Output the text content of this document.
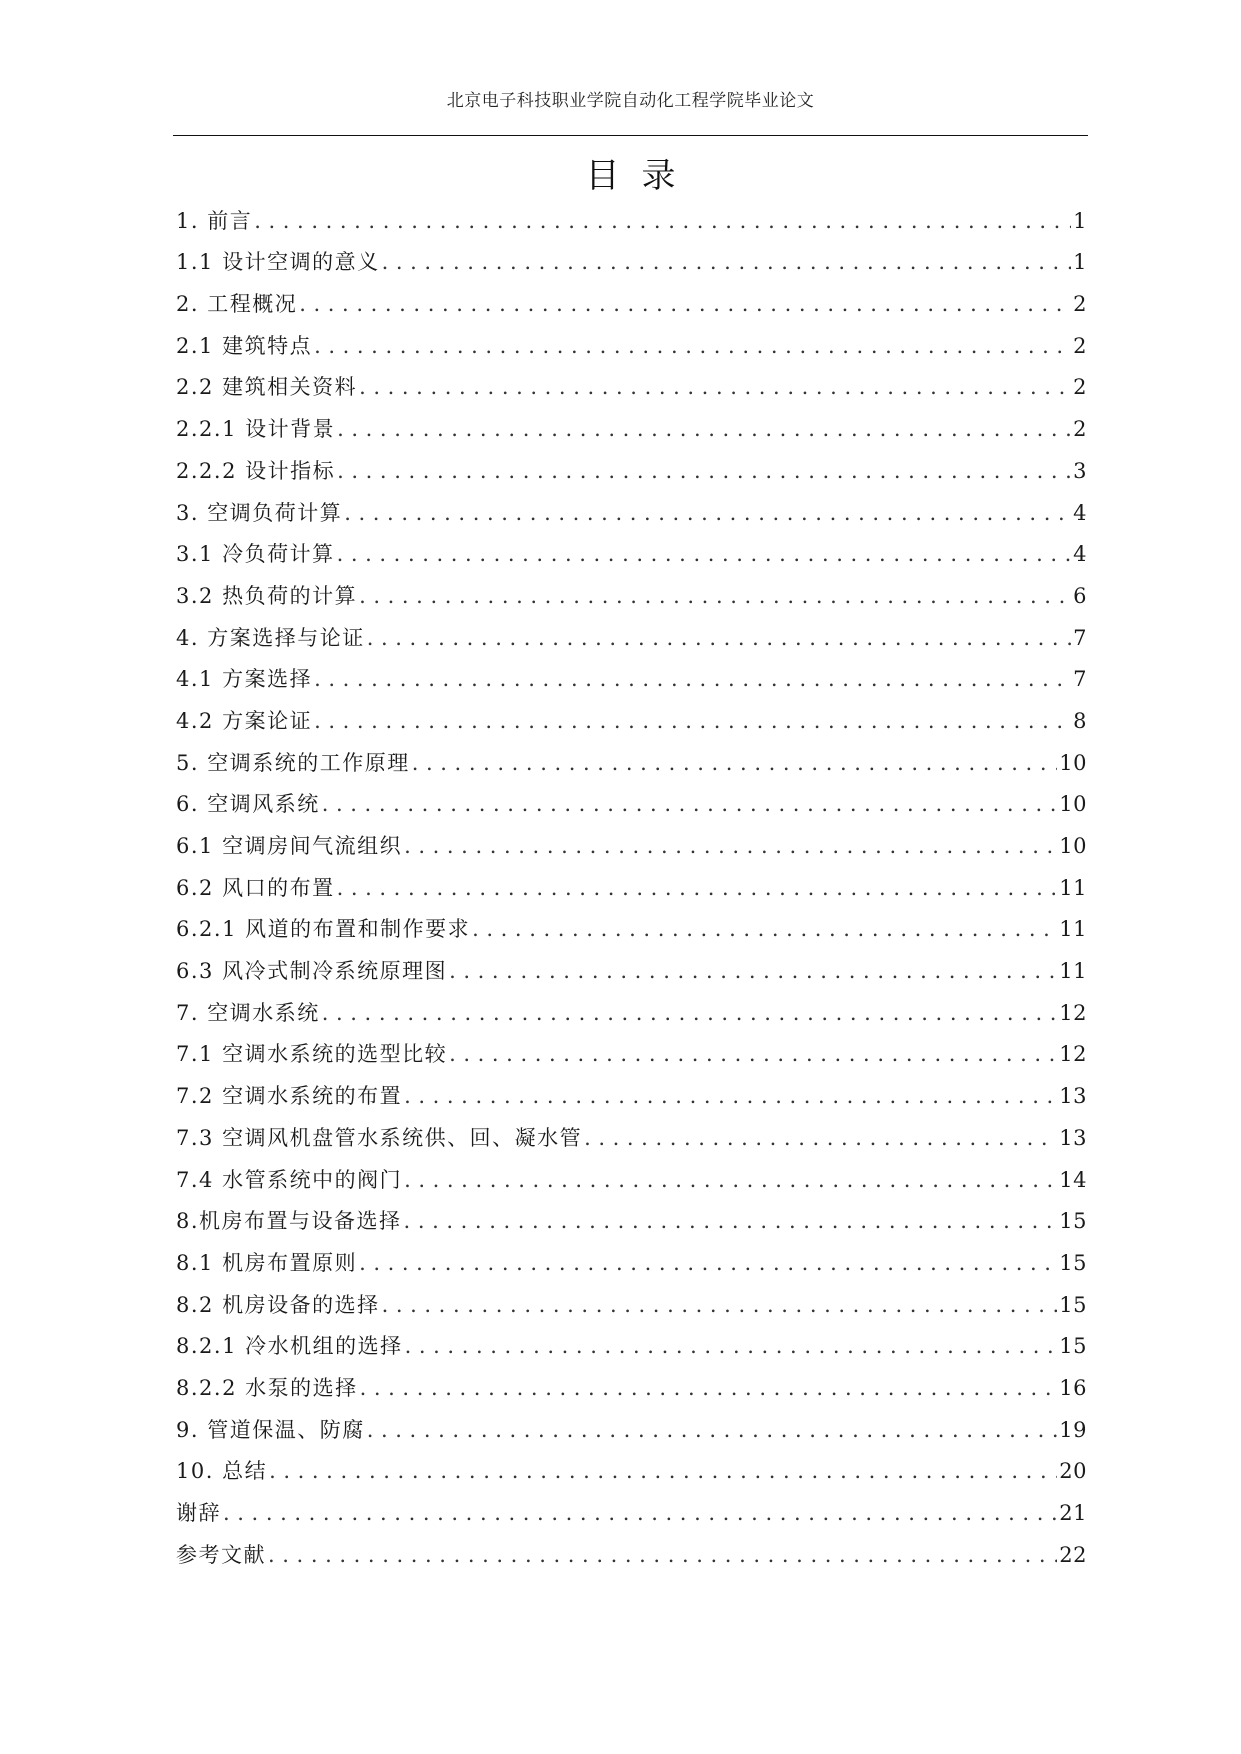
北京电子科技职业学院自动化工程学院毕业论文
目录
1. 前言 .....	1
1.1 设计空调的意义 .....	1
2. 工程概况 .....	2
2.1 建筑特点 .....	2
2.2 建筑相关资料 .....	2
2.2.1 设计背景 .....	2
2.2.2 设计指标 .....	3
3. 空调负荷计算 .....	4
3.1 冷负荷计算 .....	4
3.2 热负荷的计算 .....	6
4. 方案选择与论证 .....	7
4.1 方案选择 .....	7
4.2 方案论证 .....	8
5. 空调系统的工作原理 .....	10
6. 空调风系统 .....	10
6.1 空调房间气流组织 .....	10
6.2 风口的布置 .....	11
6.2.1 风道的布置和制作要求 .....	11
6.3 风冷式制冷系统原理图 .....	11
7. 空调水系统 .....	12
7.1 空调水系统的选型比较 .....	12
7.2 空调水系统的布置 .....	13
7.3 空调风机盘管水系统供、回、凝水管 .....	13
7.4 水管系统中的阀门 .....	14
8.机房布置与设备选择 .....	15
8.1 机房布置原则 .....	15
8.2 机房设备的选择 .....	15
8.2.1 冷水机组的选择 .....	15
8.2.2 水泵的选择 .....	16
9. 管道保温、防腐 .....	19
10. 总结 .....	20
谢辞 .....	21
参考文献 .....	22
